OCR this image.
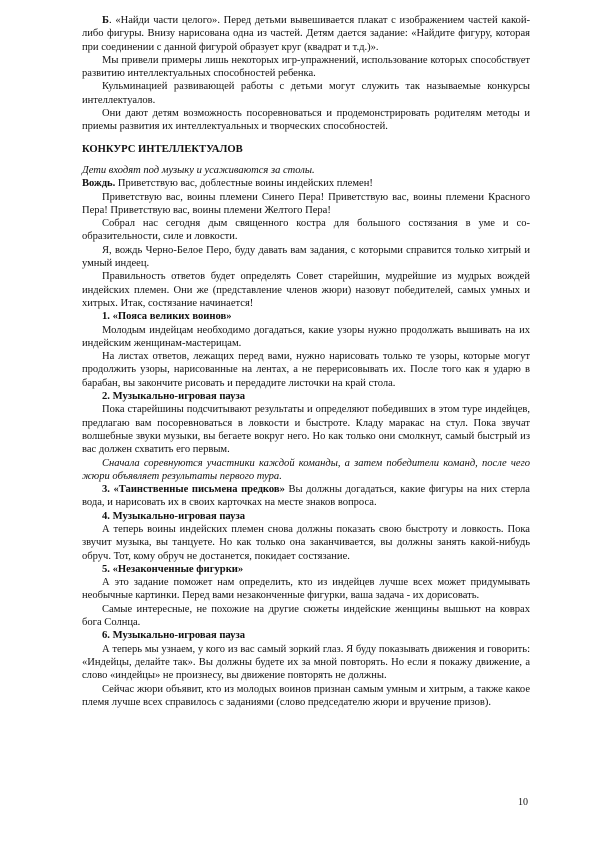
Б. «Найди части целого». Перед детьми вывешивается плакат с изображением частей какой-либо фигуры. Внизу нарисована одна из частей. Детям дается задание: «Найдите фигуру, которая при соединении с данной фигурой образует круг (квадрат и т.д.)».

Мы привели примеры лишь некоторых игр-упражнений, использование которых способствует развитию интеллектуальных способностей ребенка.

Кульминацией развивающей работы с детьми могут служить так называемые конкурсы интеллектуалов.

Они дают детям возможность посоревноваться и продемонстрировать родителям методы и приемы развития их интеллектуальных и творческих способностей.

КОНКУРС ИНТЕЛЛЕКТУАЛОВ

Дети входят под музыку и усаживаются за столы.

Вождь. Приветствую вас, доблестные воины индейских племен!

Приветствую вас, воины племени Синего Пера! Приветствую вас, воины племени Красного Пера! Приветствую вас, воины племени Желтого Пера!

Собрал нас сегодня дым священного костра для большого состязания в уме и со-образительности, силе и ловкости.

Я, вождь Черно-Белое Перо, буду давать вам задания, с которыми справится только хитрый и умный индеец.

Правильность ответов будет определять Совет старейшин, мудрейшие из мудрых вождей индейских племен. Они же (представление членов жюри) назовут победителей, самых умных и хитрых. Итак, состязание начинается!

1. «Пояса великих воинов»

Молодым индейцам необходимо догадаться, какие узоры нужно продолжать вышивать на их индейским женщинам-мастерицам.

На листах ответов, лежащих перед вами, нужно нарисовать только те узоры, которые могут продолжить узоры, нарисованные на лентах, а не перерисовывать их. После того как я ударю в барабан, вы закончите рисовать и передадите листочки на край стола.

2. Музыкально-игровая пауза

Пока старейшины подсчитывают результаты и определяют победивших в этом туре индейцев, предлагаю вам посоревноваться в ловкости и быстроте. Кладу маракас на стул. Пока звучат волшебные звуки музыки, вы бегаете вокруг него. Но как только они смолкнут, самый быстрый из вас должен схватить его первым.

Сначала соревнуются участники каждой команды, а затем победители команд, после чего жюри объявляет результаты первого тура.

3. «Таинственные письмена предков» Вы должны догадаться, какие фигуры на них стерла вода, и нарисовать их в своих карточках на месте знаков вопроса.

4. Музыкально-игровая пауза

А теперь воины индейских племен снова должны показать свою быстроту и ловкость. Пока звучит музыка, вы танцуете. Но как только она заканчивается, вы должны занять какой-нибудь обруч. Тот, кому обруч не достанется, покидает состязание.

5. «Незаконченные фигурки»

А это задание поможет нам определить, кто из индейцев лучше всех может придумывать необычные картинки. Перед вами незаконченные фигурки, ваша задача - их дорисовать.

Самые интересные, не похожие на другие сюжеты индейские женщины вышьют на коврах бога Солнца.

6. Музыкально-игровая пауза

А теперь мы узнаем, у кого из вас самый зоркий глаз. Я буду показывать движения и говорить: «Индейцы, делайте так». Вы должны будете их за мной повторять. Но если я покажу движение, а слово «индейцы» не произнесу, вы движение повторять не должны.

Сейчас жюри объявит, кто из молодых воинов признан самым умным и хитрым, а также какое племя лучше всех справилось с заданиями (слово председателю жюри и вручение призов).

10
